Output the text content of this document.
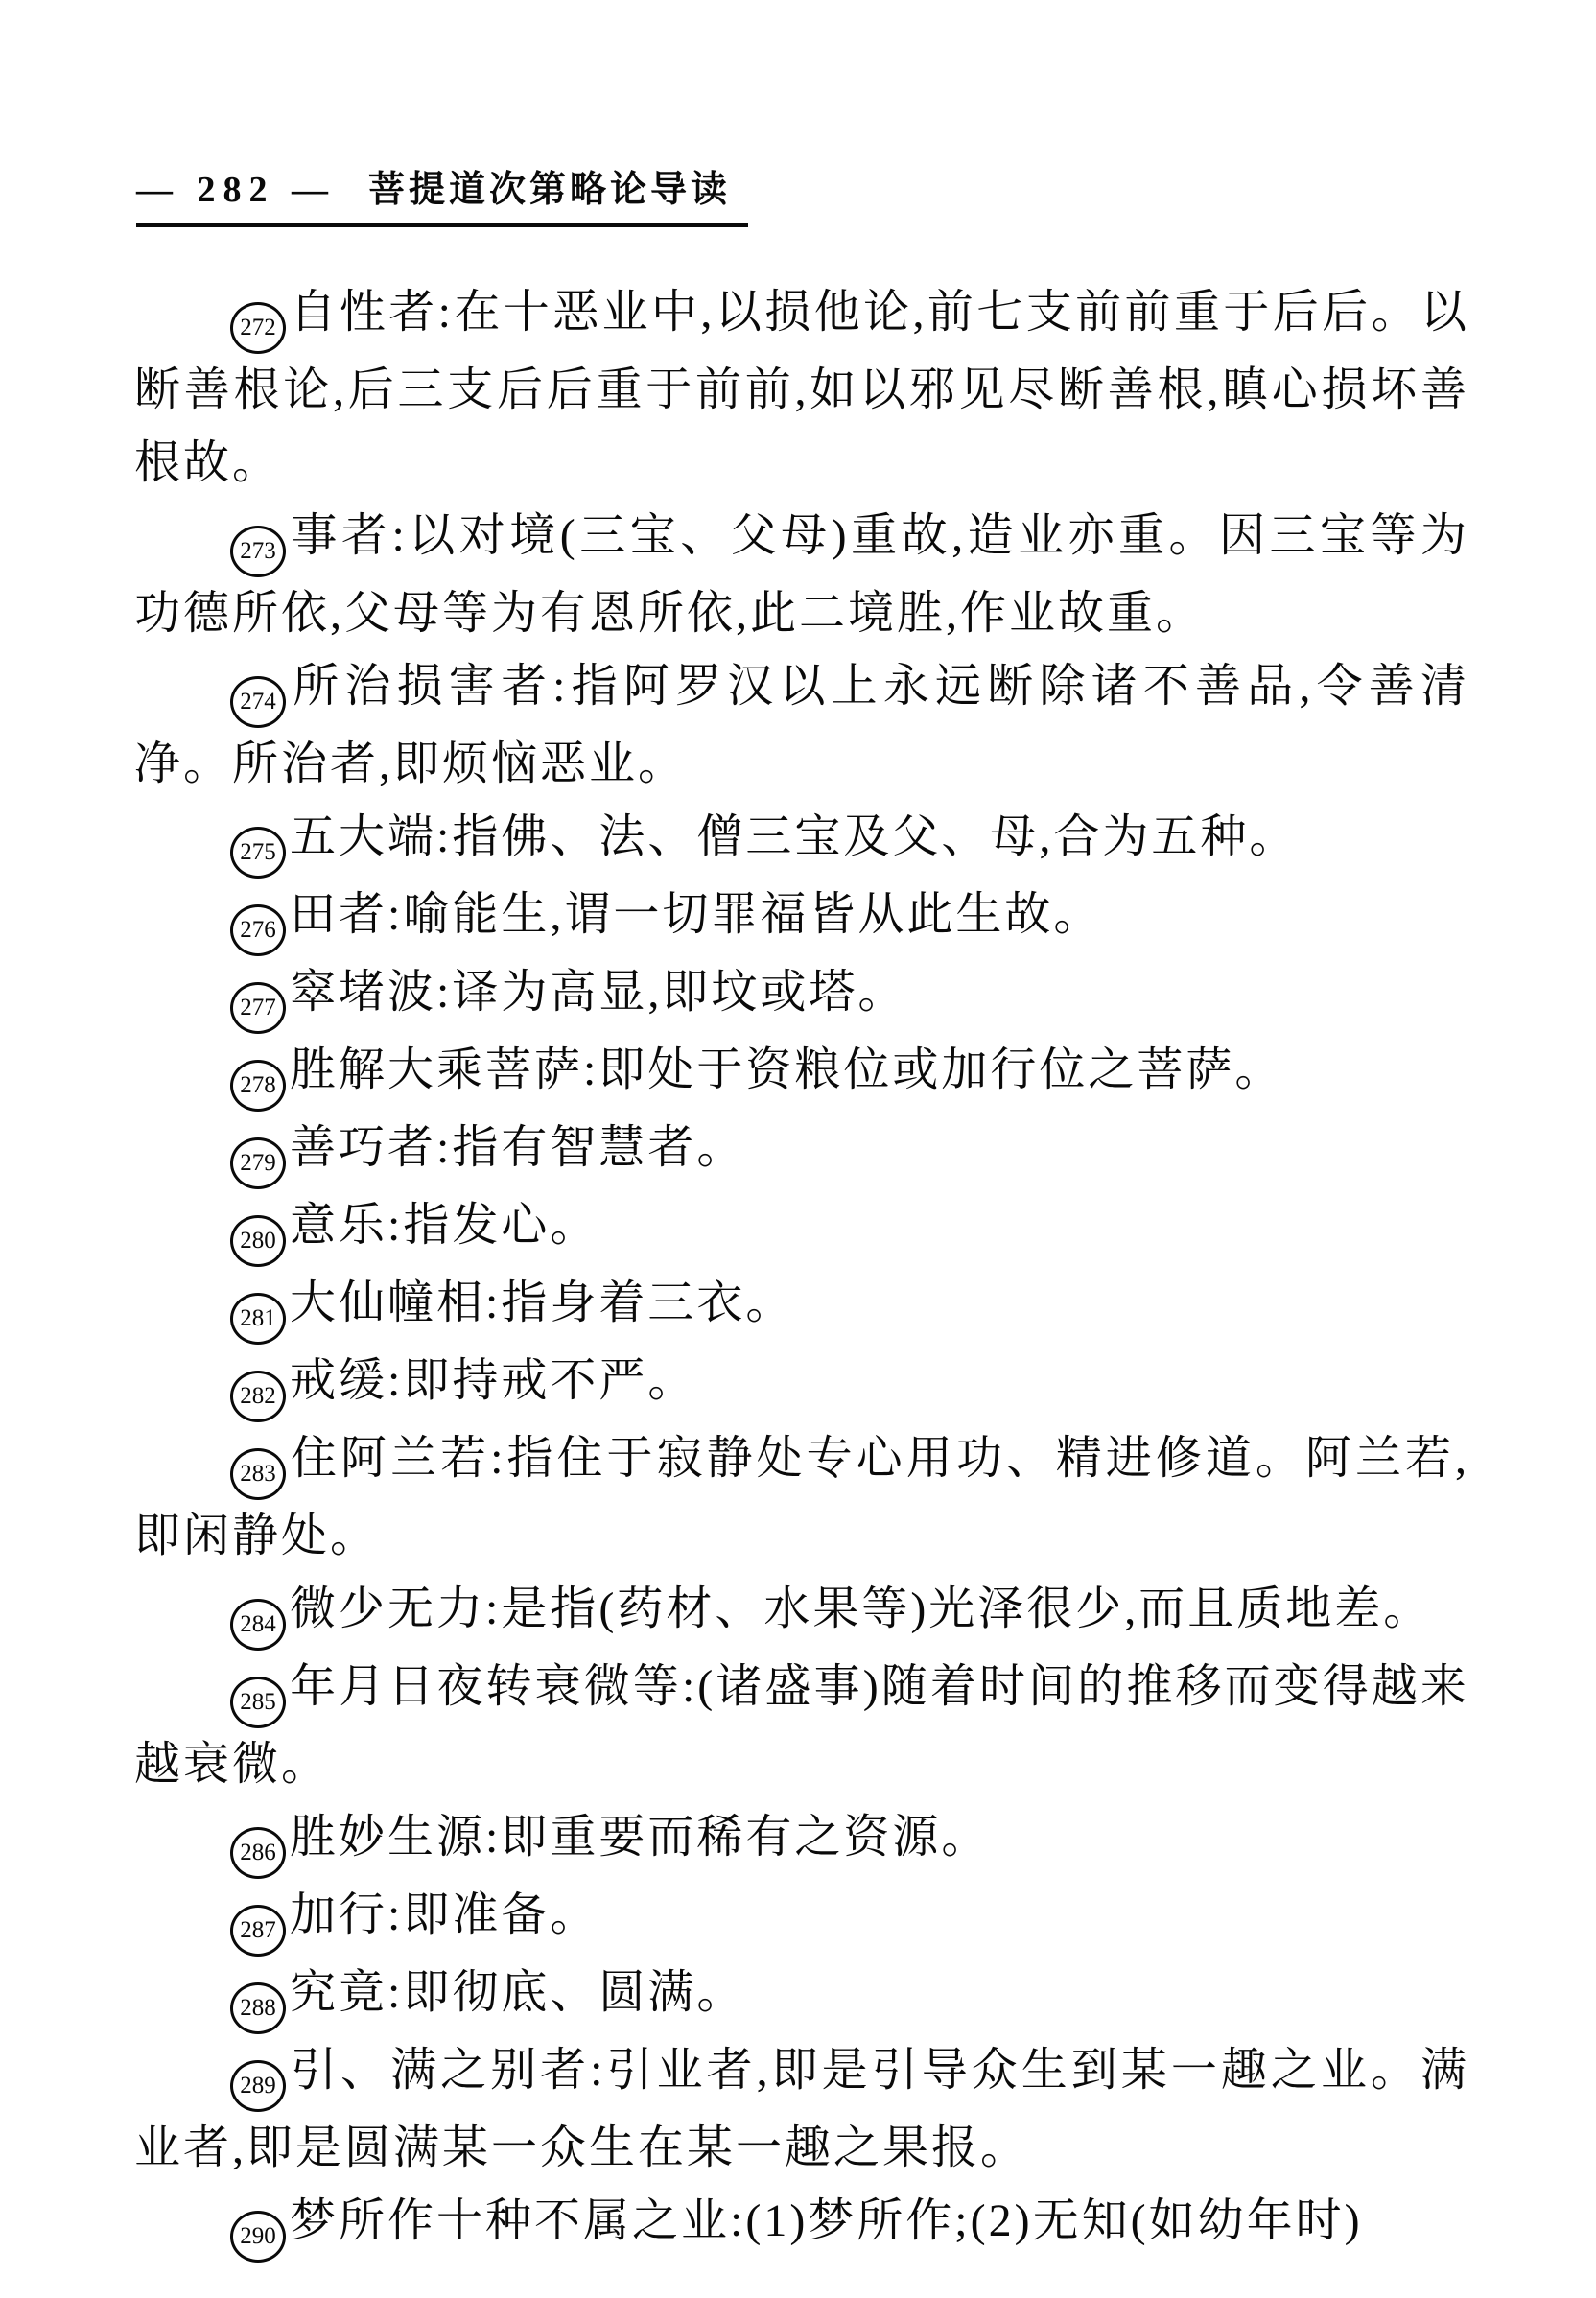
— 282 — 菩提道次第略论导读

272 自性者:在十恶业中,以损他论,前七支前前重于后后。以断善根论,后三支后后重于前前,如以邪见尽断善根,瞋心损坏善根故。

273 事者:以对境(三宝、父母)重故,造业亦重。因三宝等为功德所依,父母等为有恩所依,此二境胜,作业故重。

274 所治损害者:指阿罗汉以上永远断除诸不善品,令善清净。所治者,即烦恼恶业。

275 五大端:指佛、法、僧三宝及父、母,合为五种。

276 田者:喻能生,谓一切罪福皆从此生故。

277 窣堵波:译为高显,即坟或塔。

278 胜解大乘菩萨:即处于资粮位或加行位之菩萨。

279 善巧者:指有智慧者。

280 意乐:指发心。

281 大仙幢相:指身着三衣。

282 戒缓:即持戒不严。

283 住阿兰若:指住于寂静处专心用功、精进修道。阿兰若,即闲静处。

284 微少无力:是指(药材、水果等)光泽很少,而且质地差。

285 年月日夜转衰微等:(诸盛事)随着时间的推移而变得越来越衰微。

286 胜妙生源:即重要而稀有之资源。

287 加行:即准备。

288 究竟:即彻底、圆满。

289 引、满之别者:引业者,即是引导众生到某一趣之业。满业者,即是圆满某一众生在某一趣之果报。

290 梦所作十种不属之业:(1)梦所作;(2)无知(如幼年时)
